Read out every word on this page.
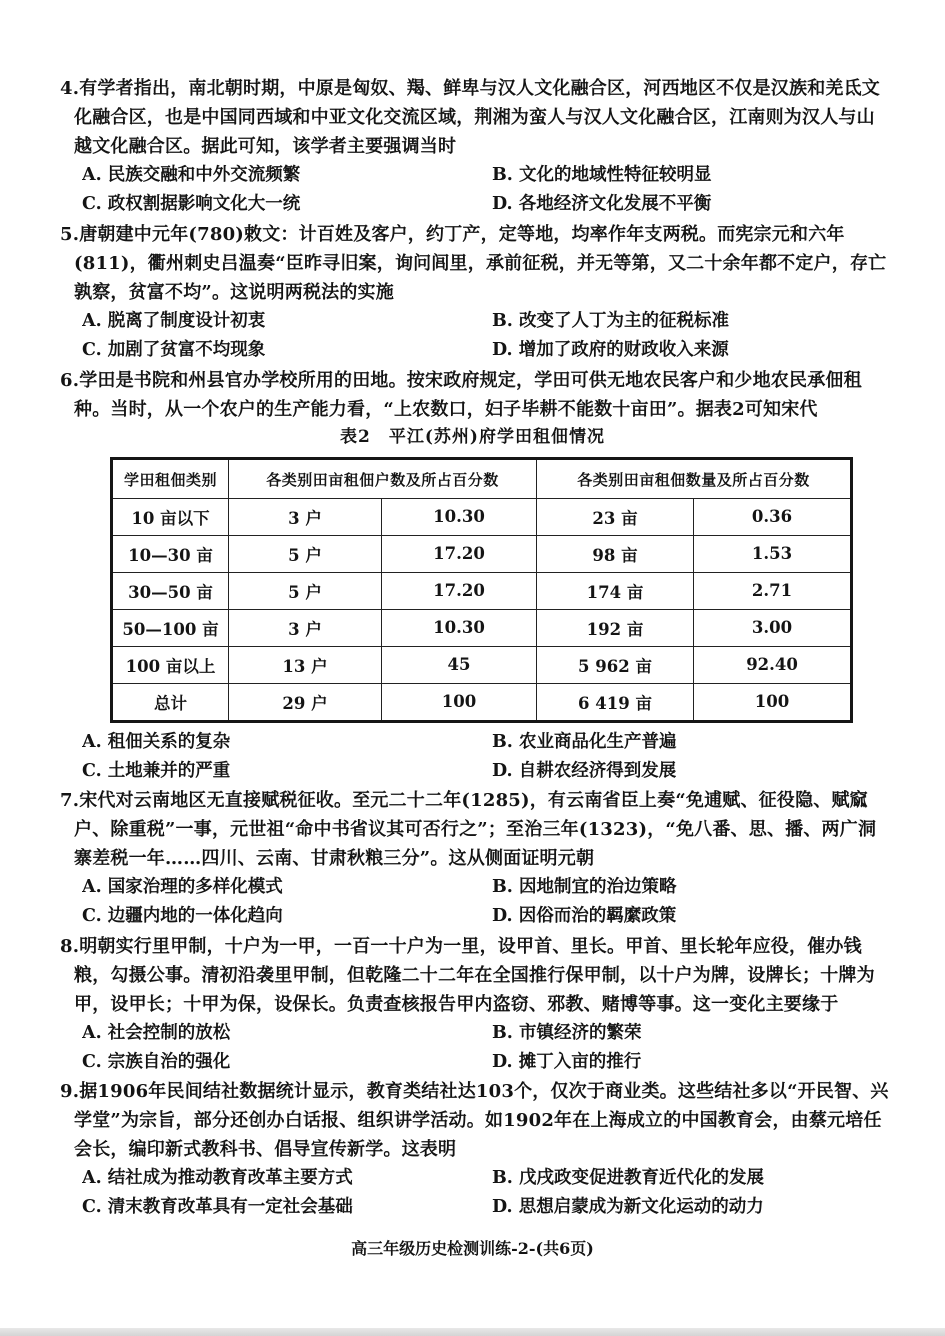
4.有学者指出，南北朝时期，中原是匈奴、羯、鲜卑与汉人文化融合区，河西地区不仅是汉族和羌氐文化融合区，也是中国同西域和中亚文化交流区域，荆湘为蛮人与汉人文化融合区，江南则为汉人与山越文化融合区。据此可知，该学者主要强调当时
A. 民族交融和中外交流频繁	B. 文化的地域性特征较明显
C. 政权割据影响文化大一统	D. 各地经济文化发展不平衡
5.唐朝建中元年(780)敕文：计百姓及客户，约丁产，定等地，均率作年支两税。而宪宗元和六年(811)，衢州刺史吕温奏“臣昨寻旧案，询问闾里，承前征税，并无等第，又二十余年都不定户，存亡孰察，贫富不均”。这说明两税法的实施
A. 脱离了制度设计初衷	B. 改变了人丁为主的征税标准
C. 加剧了贫富不均现象	D. 增加了政府的财政收入来源
6.学田是书院和州县官办学校所用的田地。按宋政府规定，学田可供无地农民客户和少地农民承佃租种。当时，从一个农户的生产能力看，“上农数口，妇子毕耕不能数十亩田”。据表2可知宋代
表2　平江(苏州)府学田租佃情况
学田租佃类别	各类别田亩租佃户数及所占百分数		各类别田亩租佃数量及所占百分数	
10 亩以下	3 户	10.30	23 亩	0.36
10—30 亩	5 户	17.20	98 亩	1.53
30—50 亩	5 户	17.20	174 亩	2.71
50—100 亩	3 户	10.30	192 亩	3.00
100 亩以上	13 户	45	5 962 亩	92.40
总计	29 户	100	6 419 亩	100
A. 租佃关系的复杂	B. 农业商品化生产普遍
C. 土地兼并的严重	D. 自耕农经济得到发展
7.宋代对云南地区无直接赋税征收。至元二十二年(1285)，有云南省臣上奏“免逋赋、征役隐、赋窳户、除重税”一事，元世祖“命中书省议其可否行之”；至治三年(1323)，“免八番、思、播、两广洞寨差税一年……四川、云南、甘肃秋粮三分”。这从侧面证明元朝
A. 国家治理的多样化模式	B. 因地制宜的治边策略
C. 边疆内地的一体化趋向	D. 因俗而治的羁縻政策
8.明朝实行里甲制，十户为一甲，一百一十户为一里，设甲首、里长。甲首、里长轮年应役，催办钱粮，勾摄公事。清初沿袭里甲制，但乾隆二十二年在全国推行保甲制，以十户为牌，设牌长；十牌为甲，设甲长；十甲为保，设保长。负责查核报告甲内盗窃、邪教、赌博等事。这一变化主要缘于
A. 社会控制的放松	B. 市镇经济的繁荣
C. 宗族自治的强化	D. 摊丁入亩的推行
9.据1906年民间结社数据统计显示，教育类结社达103个，仅次于商业类。这些结社多以“开民智、兴学堂”为宗旨，部分还创办白话报、组织讲学活动。如1902年在上海成立的中国教育会，由蔡元培任会长，编印新式教科书、倡导宣传新学。这表明
A. 结社成为推动教育改革主要方式	B. 戊戌政变促进教育近代化的发展
C. 清末教育改革具有一定社会基础	D. 思想启蒙成为新文化运动的动力
高三年级历史检测训练-2-(共6页)
